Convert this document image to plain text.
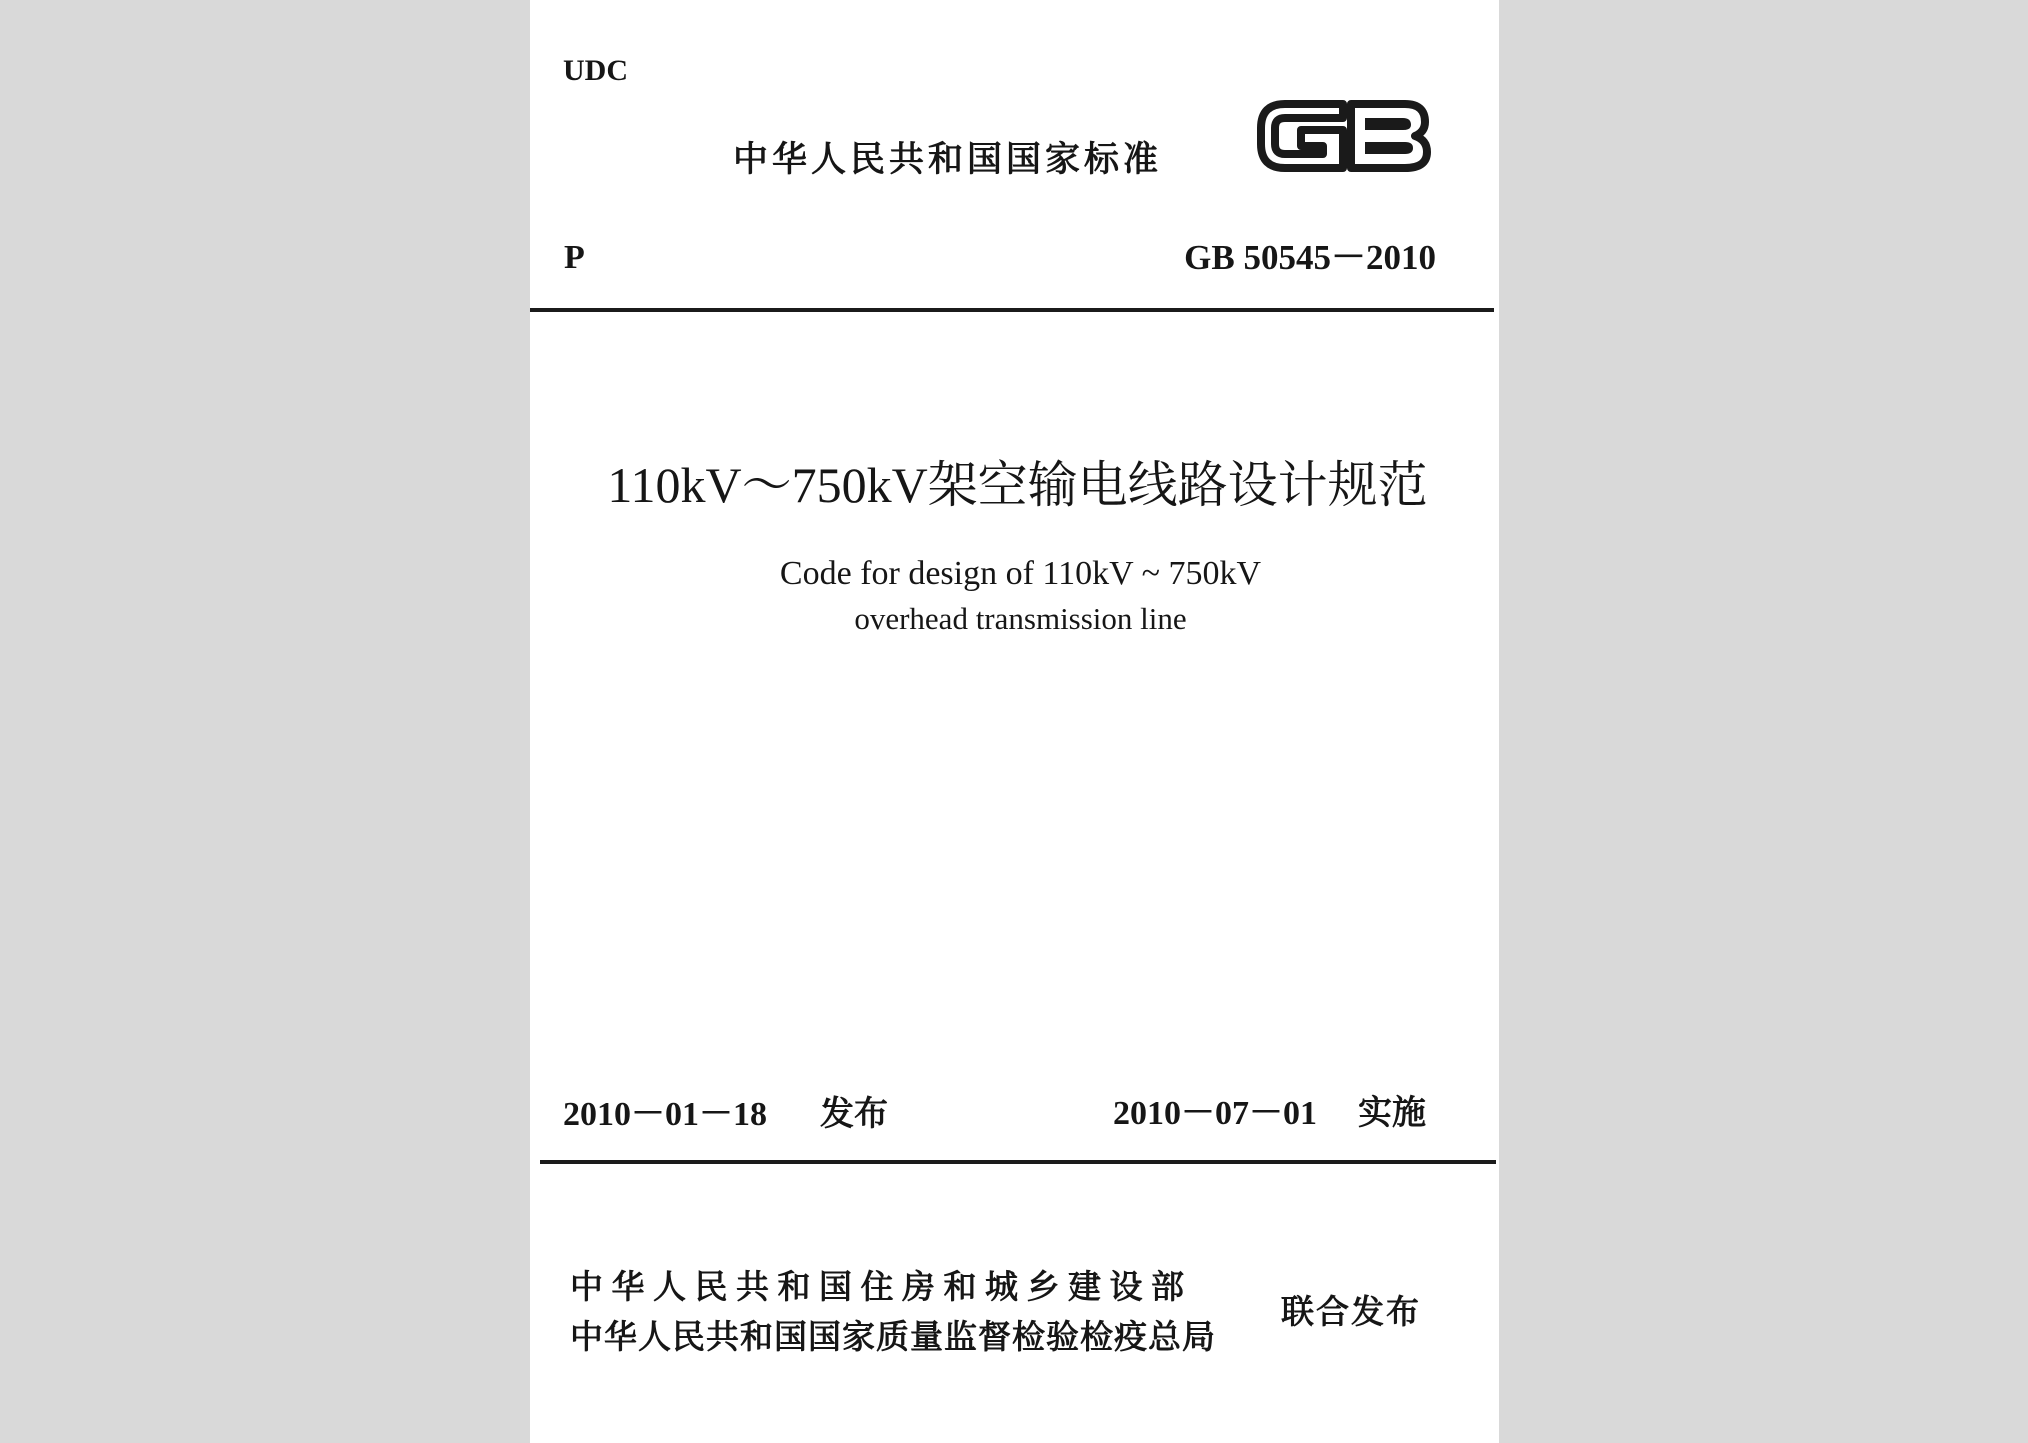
UDC
中华人民共和国国家标准
P	GB 50545－2010
110kV～750kV架空输电线路设计规范
Code for design of 110kV ~ 750kV
overhead transmission line
2010－01－18 发布	2010－07－01 实施
中华人民共和国住房和城乡建设部
中华人民共和国国家质量监督检验检疫总局
联合发布
